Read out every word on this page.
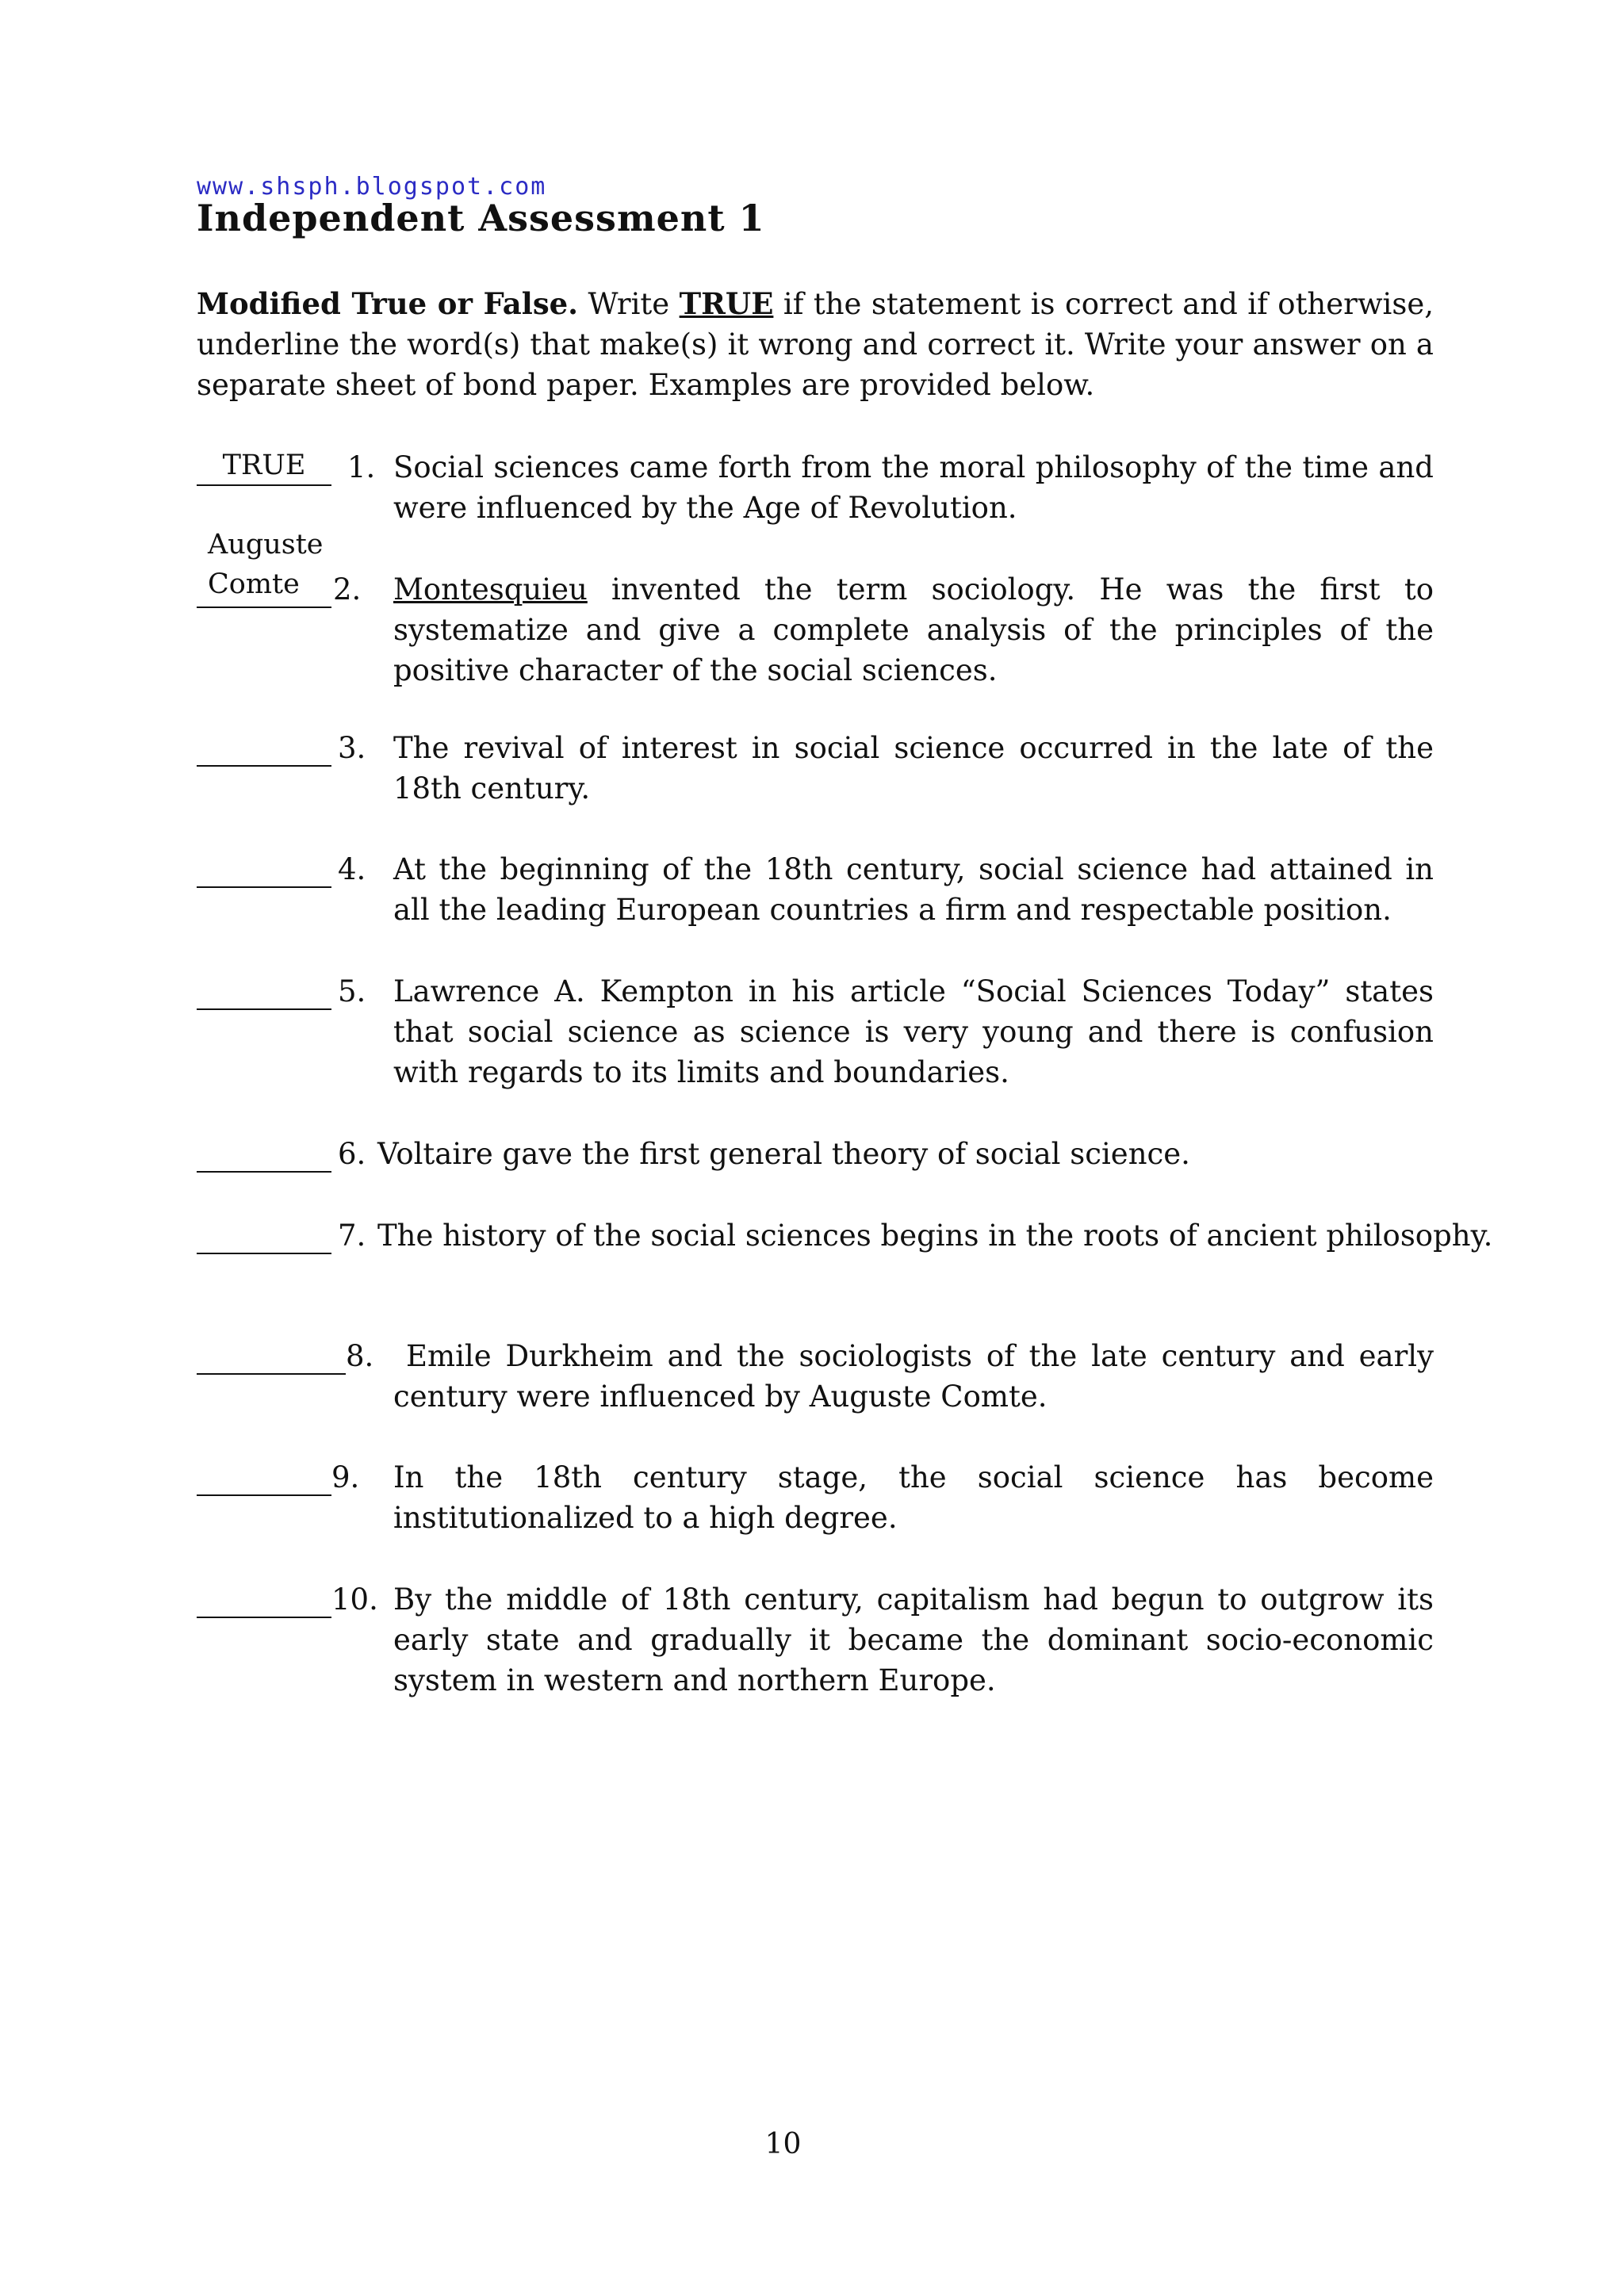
www.shsph.blogspot.com
Independent Assessment 1

Modified True or False. Write TRUE if the statement is correct and if otherwise, underline the word(s) that make(s) it wrong and correct it. Write your answer on a separate sheet of bond paper. Examples are provided below.

TRUE	1. Social sciences came forth from the moral philosophy of the time and were influenced by the Age of Revolution.
Auguste
Comte	2. Montesquieu invented the term sociology. He was the first to systematize and give a complete analysis of the principles of the positive character of the social sciences.
3. The revival of interest in social science occurred in the late of the 18th century.
4. At the beginning of the 18th century, social science had attained in all the leading European countries a firm and respectable position.
5. Lawrence A. Kempton in his article “Social Sciences Today” states that social science as science is very young and there is confusion with regards to its limits and boundaries.
6. Voltaire gave the first general theory of social science.
7. The history of the social sciences begins in the roots of ancient philosophy.
8.	Emile Durkheim and the sociologists of the late century and early century were influenced by Auguste Comte.
9. In the 18th century stage, the social science has become institutionalized to a high degree.
10. By the middle of 18th century, capitalism had begun to outgrow its early state and gradually it became the dominant socio-economic system in western and northern Europe.
10
